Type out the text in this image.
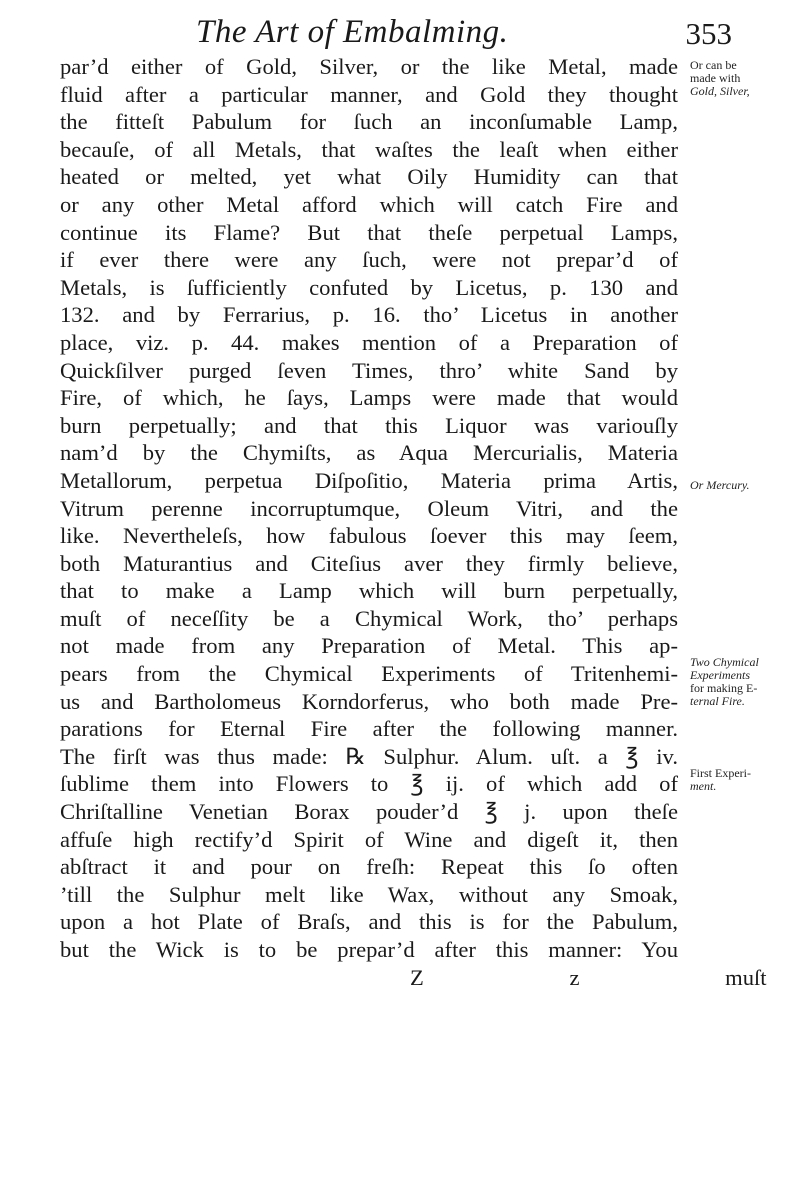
The Art of Embalming.	353
par’d either of Gold, Silver, or the like Metal, made
fluid after a particular manner, and Gold they thought
the fitteſt Pabulum for ſuch an inconſumable Lamp,
becauſe, of all Metals, that waſtes the leaſt when either
heated or melted, yet what Oily Humidity can that
or any other Metal afford which will catch Fire and
continue its Flame? But that theſe perpetual Lamps,
if ever there were any ſuch, were not prepar’d of
Metals, is ſufficiently confuted by Licetus, p. 130 and
132. and by Ferrarius, p. 16. tho’ Licetus in another
place, viz. p. 44. makes mention of a Preparation of
Quickſilver purged ſeven Times, thro’ white Sand by
Fire, of which, he ſays, Lamps were made that would
burn perpetually; and that this Liquor was variouſly
nam’d by the Chymiſts, as Aqua Mercurialis, Materia
Metallorum, perpetua Diſpoſitio, Materia prima Artis,
Vitrum perenne incorruptumque, Oleum Vitri, and the
like. Nevertheleſs, how fabulous ſoever this may ſeem,
both Maturantius and Citeſius aver they firmly believe,
that to make a Lamp which will burn perpetually,
muſt of neceſſity be a Chymical Work, tho’ perhaps
not made from any Preparation of Metal. This ap-
pears from the Chymical Experiments of Tritenhemi-
us and Bartholomeus Korndorferus, who both made Pre-
parations for Eternal Fire after the following manner.
The firſt was thus made: ℞ Sulphur. Alum. uſt. a ℥ iv.
ſublime them into Flowers to ℥ ij. of which add of
Chriſtalline Venetian Borax pouder’d ℥ j. upon theſe
affuſe high rectify’d Spirit of Wine and digeſt it, then
abſtract it and pour on freſh: Repeat this ſo often
’till the Sulphur melt like Wax, without any Smoak,
upon a hot Plate of Braſs, and this is for the Pabulum,
but the Wick is to be prepar’d after this manner: You
Z z	muſt
Or can be
made with
Gold, Silver,
Or Mercury.
Two Chymical
Experiments
for making E-
ternal Fire.
First Experi-
ment.
